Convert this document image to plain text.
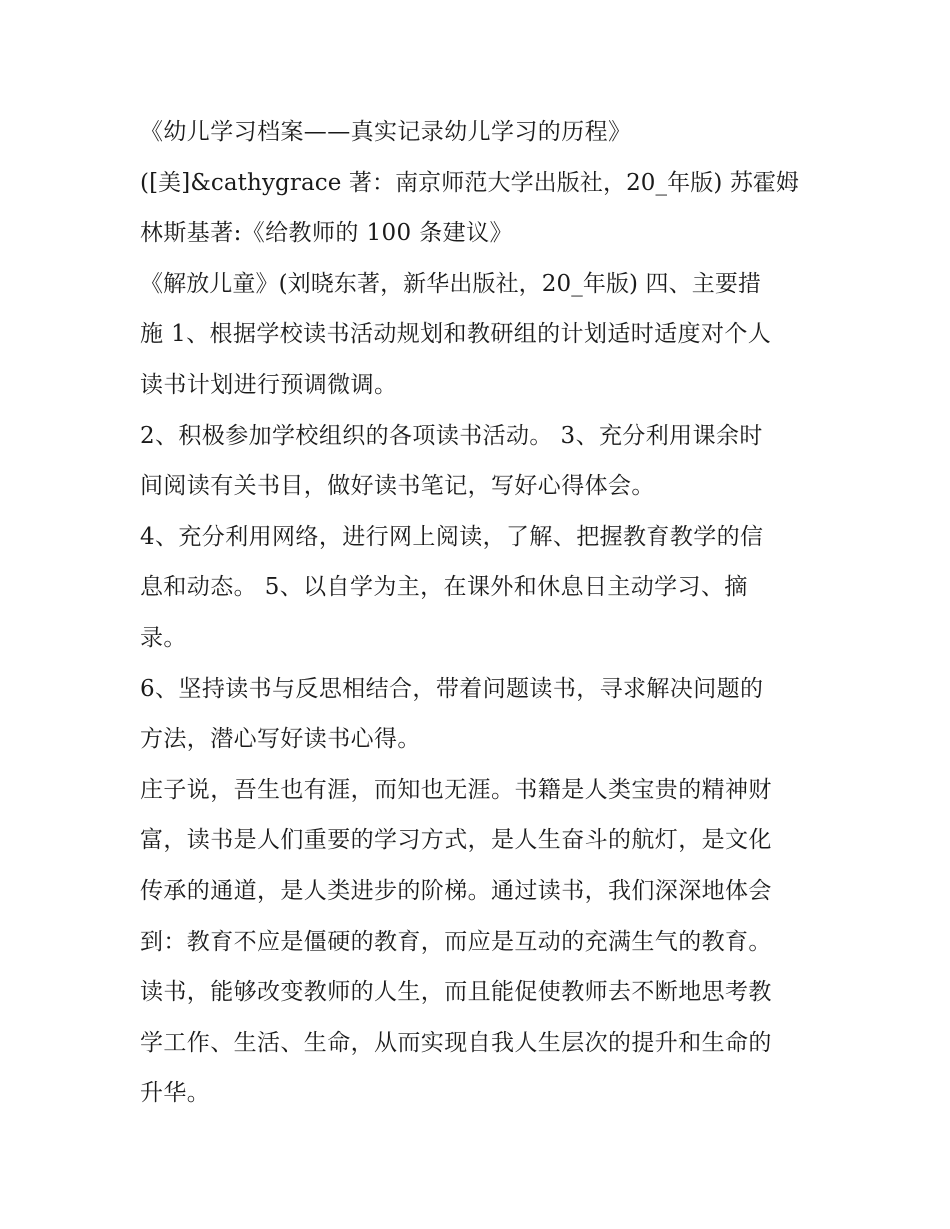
《幼儿学习档案——真实记录幼儿学习的历程》
([美]&cathygrace 著：南京师范大学出版社，20_年版) 苏霍姆
林斯基著:《给教师的 100 条建议》
《解放儿童》(刘晓东著，新华出版社，20_年版) 四、主要措
施 1、根据学校读书活动规划和教研组的计划适时适度对个人
读书计划进行预调微调。
2、积极参加学校组织的各项读书活动。 3、充分利用课余时
间阅读有关书目，做好读书笔记，写好心得体会。
4、充分利用网络，进行网上阅读，了解、把握教育教学的信
息和动态。 5、以自学为主，在课外和休息日主动学习、摘
录。
6、坚持读书与反思相结合，带着问题读书，寻求解决问题的
方法，潜心写好读书心得。
庄子说，吾生也有涯，而知也无涯。书籍是人类宝贵的精神财
富，读书是人们重要的学习方式，是人生奋斗的航灯，是文化
传承的通道，是人类进步的阶梯。通过读书，我们深深地体会
到：教育不应是僵硬的教育，而应是互动的充满生气的教育。
读书，能够改变教师的人生，而且能促使教师去不断地思考教
学工作、生活、生命，从而实现自我人生层次的提升和生命的
升华。
